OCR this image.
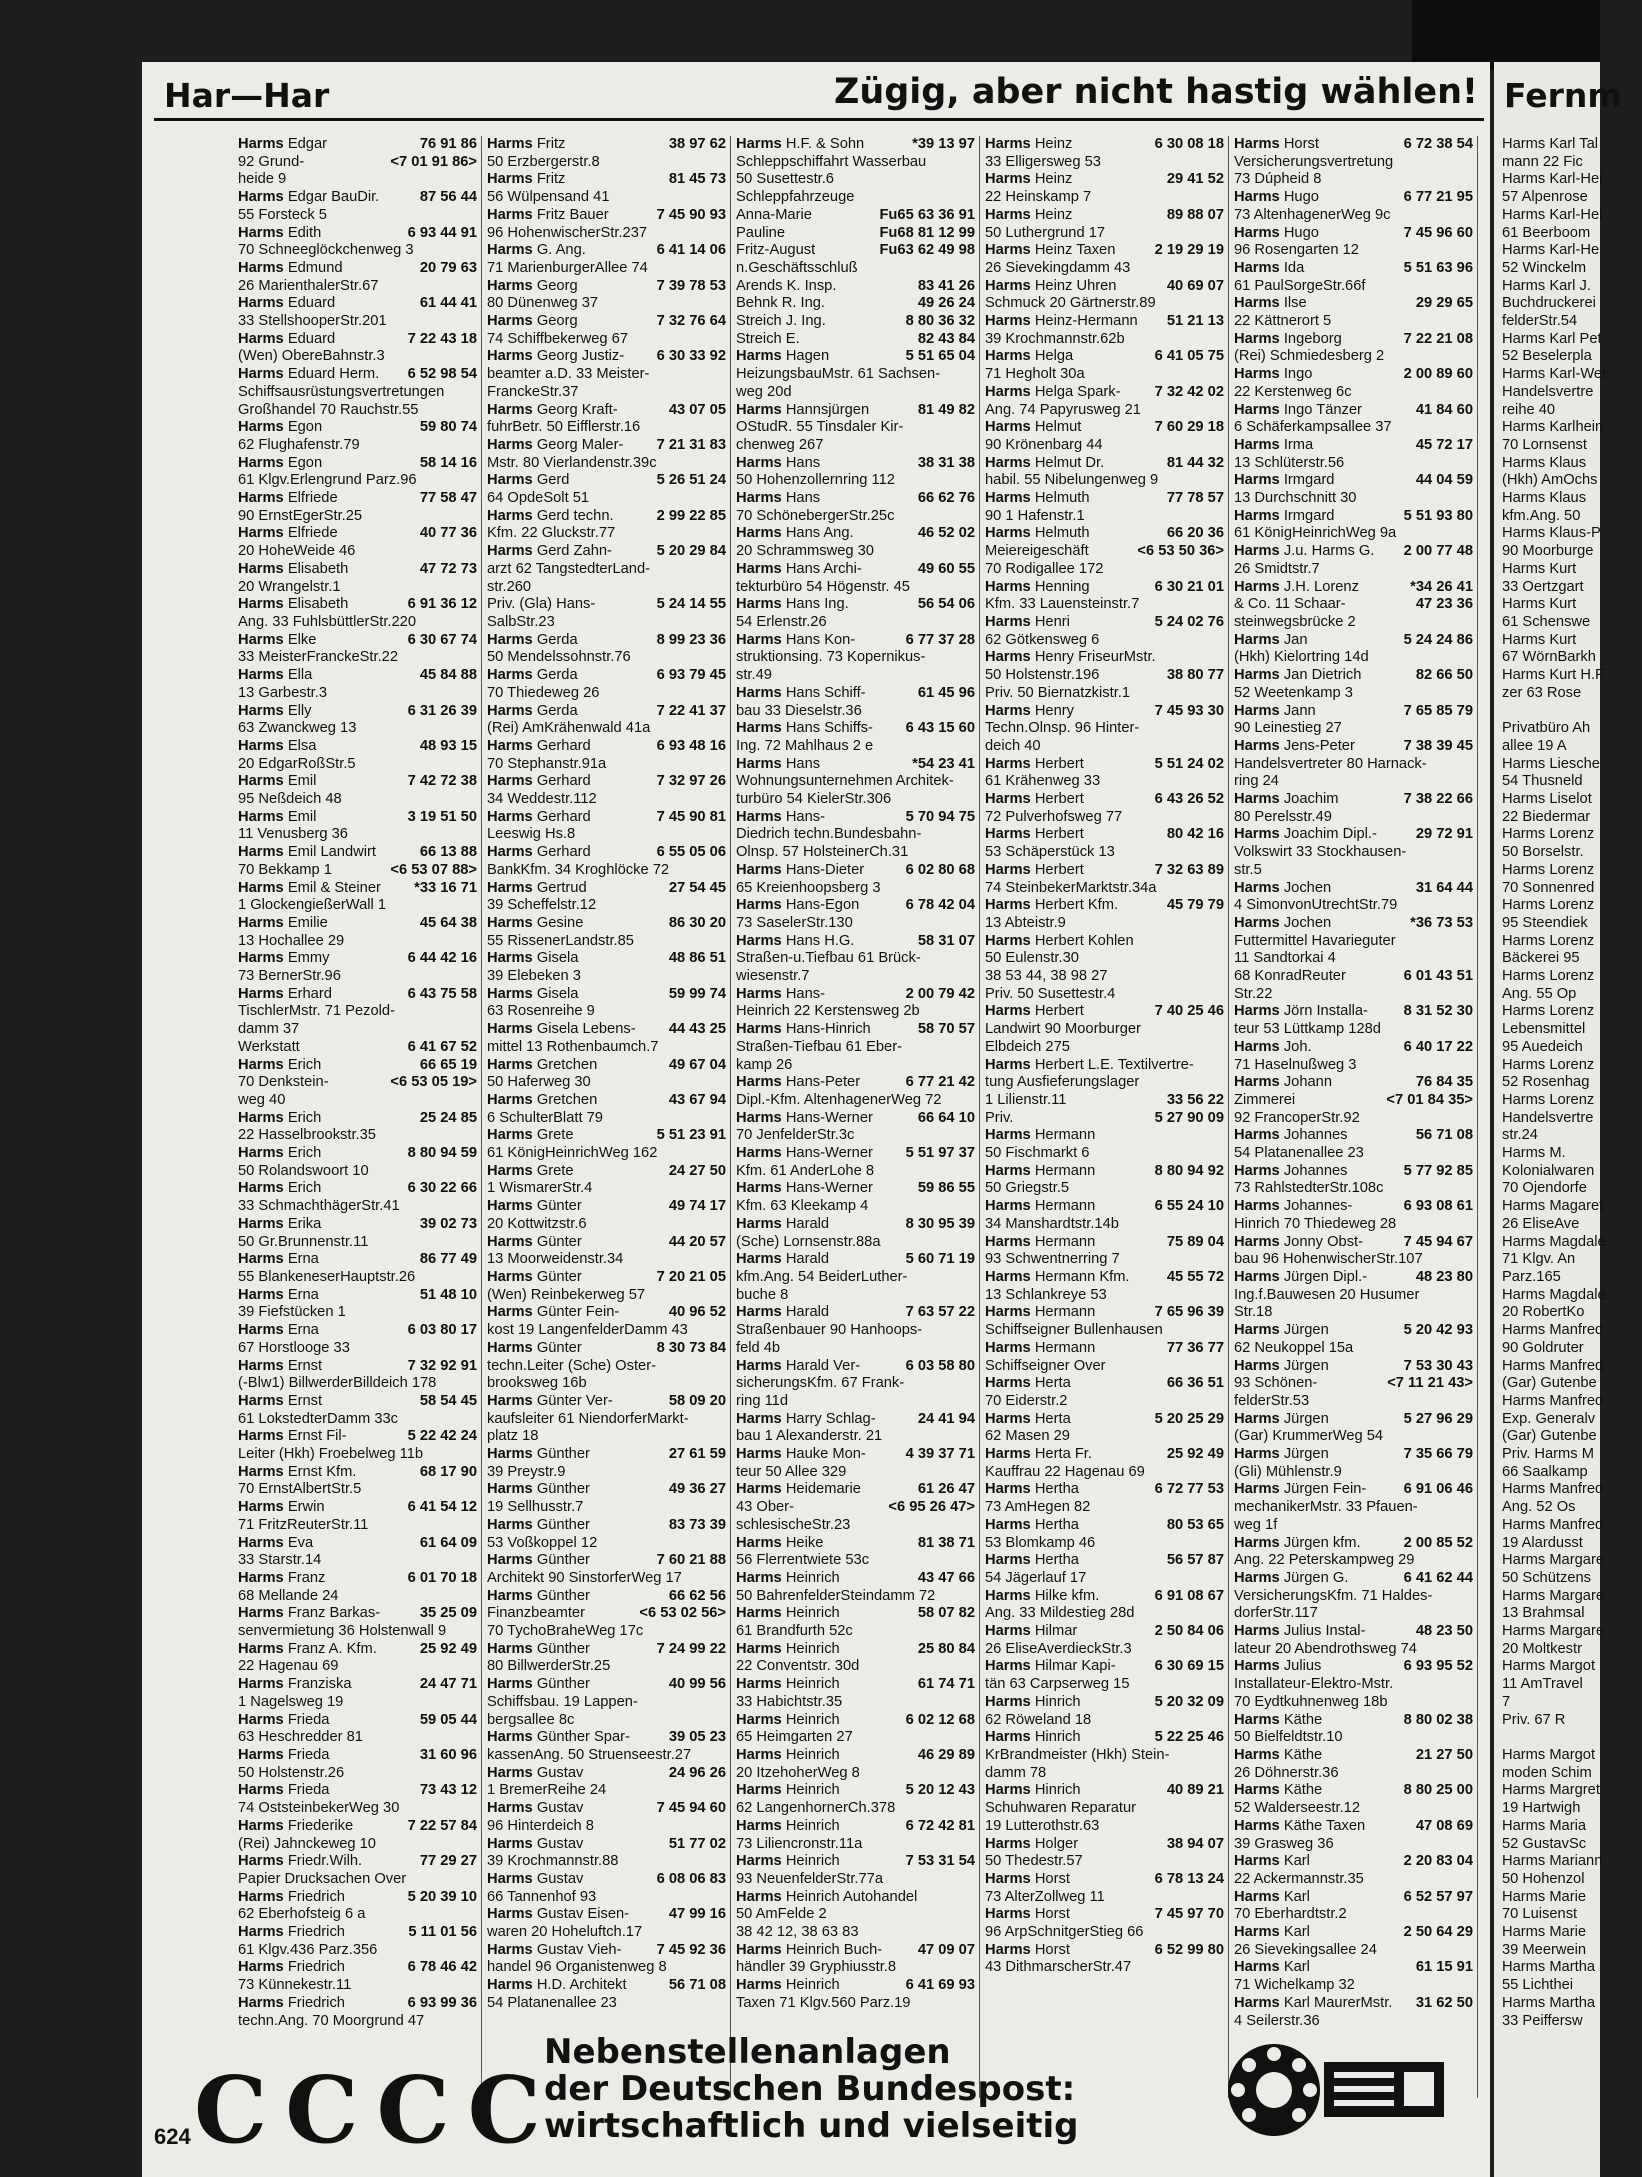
Har—Har	Zügig, aber nicht hastig wählen!
Harms Edgar	76 91 86
92 Grund-	<7 01 91 86>
heide 9
Harms Edgar BauDir.	87 56 44
55 Forsteck 5
Harms Edith	6 93 44 91
70 Schneeglöckchenweg 3
Harms Edmund	20 79 63
26 MarienthalerStr.67
Harms Eduard	61 44 41
33 StellshooperStr.201
Harms Eduard	7 22 43 18
(Wen) ObereBahnstr.3
Harms Eduard Herm. 6 52 98 54
Schiffsausrüstungsvertretungen
Großhandel 70 Rauchstr.55
Harms Egon	59 80 74
62 Flughafenstr.79
Harms Egon	58 14 16
61 Klgv.Erlengrund Parz.96
Harms Elfriede	77 58 47
90 ErnstEgerStr.25
Harms Elfriede	40 77 36
20 HoheWeide 46
Harms Elisabeth	47 72 73
20 Wrangelstr.1
Harms Elisabeth	6 91 36 12
Ang. 33 FuhlsbüttlerStr.220
Harms Elke	6 30 67 74
33 MeisterFranckeStr.22
Harms Ella	45 84 88
13 Garbestr.3
Harms Elly	6 31 26 39
63 Zwanckweg 13
Harms Elsa	48 93 15
20 EdgarRoßStr.5
Harms Emil	7 42 72 38
95 Neßdeich 48
Harms Emil	3 19 51 50
11 Venusberg 36
Harms Emil Landwirt	66 13 88
70 Bekkamp 1	<6 53 07 88>
Harms Emil & Steiner *33 16 71
1 GlockengießerWall 1
Harms Emilie	45 64 38
13 Hochallee 29
Harms Emmy	6 44 42 16
73 BernerStr.96
Harms Erhard	6 43 75 58
TischlerMstr. 71 Pezold-
damm 37
Werkstatt	6 41 67 52
Harms Erich	66 65 19
70 Denkstein-	<6 53 05 19>
weg 40
Harms Erich	25 24 85
22 Hasselbrookstr.35
Harms Erich	8 80 94 59
50 Rolandswoort 10
Harms Erich	6 30 22 66
33 SchmachthägerStr.41
Harms Erika	39 02 73
50 Gr.Brunnenstr.11
Harms Erna	86 77 49
55 BlankeneserHauptstr.26
Harms Erna	51 48 10
39 Fiefstücken 1
Harms Erna	6 03 80 17
67 Horstlooge 33
Harms Ernst	7 32 92 91
(-Blw1) BillwerderBilldeich 178
Harms Ernst	58 54 45
61 LokstedterDamm 33c
Harms Ernst Fil-	5 22 42 24
Leiter (Hkh) Froebelweg 11b
Harms Ernst Kfm.	68 17 90
70 ErnstAlbertStr.5
Harms Erwin	6 41 54 12
71 FritzReuterStr.11
Harms Eva	61 64 09
33 Starstr.14
Harms Franz	6 01 70 18
68 Mellande 24
Harms Franz Barkas-	35 25 09
senvermietung 36 Holstenwall 9
Harms Franz A. Kfm.	25 92 49
22 Hagenau 69
Harms Franziska	24 47 71
1 Nagelsweg 19
Harms Frieda	59 05 44
63 Heschredder 81
Harms Frieda	31 60 96
50 Holstenstr.26
Harms Frieda	73 43 12
74 OststeinbekerWeg 30
Harms Friederike	7 22 57 84
(Rei) Jahnckeweg 10
Harms Friedr.Wilh.	77 29 27
Papier Drucksachen Over
Harms Friedrich	5 20 39 10
62 Eberhofsteig 6 a
Harms Friedrich	5 11 01 56
61 Klgv.436 Parz.356
Harms Friedrich	6 78 46 42
73 Künnekestr.11
Harms Friedrich	6 93 99 36
techn.Ang. 70 Moorgrund 47
Harms Fritz	38 97 62
50 Erzbergerstr.8
Harms Fritz	81 45 73
56 Wülpensand 41
Harms Fritz Bauer	7 45 90 93
96 HohenwischerStr.237
Harms G. Ang.	6 41 14 06
71 MarienburgerAllee 74
Harms Georg	7 39 78 53
80 Dünenweg 37
Harms Georg	7 32 76 64
74 Schiffbekerweg 67
Harms Georg Justiz- 6 30 33 92
beamter a.D. 33 Meister-
FranckeStr.37
Harms Georg Kraft-	43 07 05
fuhrBetr. 50 Eifflerstr.16
Harms Georg Maler- 7 21 31 83
Mstr. 80 Vierlandenstr.39c
Harms Gerd	5 26 51 24
64 OpdeSolt 51
Harms Gerd techn.	2 99 22 85
Kfm. 22 Gluckstr.77
Harms Gerd Zahn-	5 20 29 84
arzt 62 TangstedterLand-
str.260
Priv. (Gla) Hans-	5 24 14 55
SalbStr.23
Harms Gerda	8 99 23 36
50 Mendelssohnstr.76
Harms Gerda	6 93 79 45
70 Thiedeweg 26
Harms Gerda	7 22 41 37
(Rei) AmKrähenwald 41a
Harms Gerhard	6 93 48 16
70 Stephanstr.91a
Harms Gerhard	7 32 97 26
34 Weddestr.112
Harms Gerhard	7 45 90 81
Leeswig Hs.8
Harms Gerhard	6 55 05 06
BankKfm. 34 Kroghlöcke 72
Harms Gertrud	27 54 45
39 Scheffelstr.12
Harms Gesine	86 30 20
55 RissenerLandstr.85
Harms Gisela	48 86 51
39 Elebeken 3
Harms Gisela	59 99 74
63 Rosenreihe 9
Harms Gisela Lebens- 44 43 25
mittel 13 Rothenbaumch.7
Harms Gretchen	49 67 04
50 Haferweg 30
Harms Gretchen	43 67 94
6 SchulterBlatt 79
Harms Grete	5 51 23 91
61 KönigHeinrichWeg 162
Harms Grete	24 27 50
1 WismarerStr.4
Harms Günter	49 74 17
20 Kottwitzstr.6
Harms Günter	44 20 57
13 Moorweidenstr.34
Harms Günter	7 20 21 05
(Wen) Reinbekerweg 57
Harms Günter Fein-	40 96 52
kost 19 LangenfelderDamm 43
Harms Günter	8 30 73 84
techn.Leiter (Sche) Oster-
brooksweg 16b
Harms Günter Ver-	58 09 20
kaufsleiter 61 NiendorferMarkt-
platz 18
Harms Günther	27 61 59
39 Preystr.9
Harms Günther	49 36 27
19 Sellhusstr.7
Harms Günther	83 73 39
53 Voßkoppel 12
Harms Günther	7 60 21 88
Architekt 90 SinstorferWeg 17
Harms Günther	66 62 56
Finanzbeamter	<6 53 02 56>
70 TychoBraheWeg 17c
Harms Günther	7 24 99 22
80 BillwerderStr.25
Harms Günther	40 99 56
Schiffsbau. 19 Lappen-
bergsallee 8c
Harms Günther Spar-	39 05 23
kassenAng. 50 Struenseestr.27
Harms Gustav	24 96 26
1 BremerReihe 24
Harms Gustav	7 45 94 60
96 Hinterdeich 8
Harms Gustav	51 77 02
39 Krochmannstr.88
Harms Gustav	6 08 06 83
66 Tannenhof 93
Harms Gustav Eisen-	47 99 16
waren 20 Hoheluftch.17
Harms Gustav Vieh- 7 45 92 36
handel 96 Organistenweg 8
Harms H.D. Architekt	56 71 08
54 Platanenallee 23
Harms H.F. & Sohn	*39 13 97
Schleppschiffahrt Wasserbau
50 Susettestr.6
Schleppfahrzeuge
Anna-Marie	Fu65 63 36 91
Pauline	Fu68 81 12 99
Fritz-August	Fu63 62 49 98
n.Geschäftsschluß
Arends K. Insp.	83 41 26
Behnk R. Ing.	49 26 24
Streich J. Ing.	8 80 36 32
Streich E.	82 43 84
Harms Hagen	5 51 65 04
HeizungsbauMstr. 61 Sachsen-
weg 20d
Harms Hannsjürgen	81 49 82
OStudR. 55 Tinsdaler Kir-
chenweg 267
Harms Hans	38 31 38
50 Hohenzollernring 112
Harms Hans	66 62 76
70 SchönebergerStr.25c
Harms Hans Ang.	46 52 02
20 Schrammsweg 30
Harms Hans Archi-	49 60 55
tekturbüro 54 Högenstr. 45
Harms Hans Ing.	56 54 06
54 Erlenstr.26
Harms Hans Kon-	6 77 37 28
struktionsing. 73 Kopernikus-
str.49
Harms Hans Schiff-	61 45 96
bau 33 Dieselstr.36
Harms Hans Schiffs- 6 43 15 60
Ing. 72 Mahlhaus 2 e
Harms Hans	*54 23 41
Wohnungsunternehmen Architek-
turbüro 54 KielerStr.306
Harms Hans-	5 70 94 75
Diedrich techn.Bundesbahn-
Olnsp. 57 HolsteinerCh.31
Harms Hans-Dieter	6 02 80 68
65 Kreienhoopsberg 3
Harms Hans-Egon	6 78 42 04
73 SaselerStr.130
Harms Hans H.G.	58 31 07
Straßen-u.Tiefbau 61 Brück-
wiesenstr.7
Harms Hans-	2 00 79 42
Heinrich 22 Kerstensweg 2b
Harms Hans-Hinrich	58 70 57
Straßen-Tiefbau 61 Eber-
kamp 26
Harms Hans-Peter	6 77 21 42
Dipl.-Kfm. AltenhagenerWeg 72
Harms Hans-Werner	66 64 10
70 JenfelderStr.3c
Harms Hans-Werner 5 51 97 37
Kfm. 61 AnderLohe 8
Harms Hans-Werner	59 86 55
Kfm. 63 Kleekamp 4
Harms Harald	8 30 95 39
(Sche) Lornsenstr.88a
Harms Harald	5 60 71 19
kfm.Ang. 54 BeiderLuther-
buche 8
Harms Harald	7 63 57 22
Straßenbauer 90 Hanhoops-
feld 4b
Harms Harald Ver-	6 03 58 80
sicherungsKfm. 67 Frank-
ring 11d
Harms Harry Schlag-	24 41 94
bau 1 Alexanderstr. 21
Harms Hauke Mon-	4 39 37 71
teur 50 Allee 329
Harms Heidemarie	61 26 47
43 Ober-	<6 95 26 47>
schlesischeStr.23
Harms Heike	81 38 71
56 Flerrentwiete 53c
Harms Heinrich	43 47 66
50 BahrenfelderSteindamm 72
Harms Heinrich	58 07 82
61 Brandfurth 52c
Harms Heinrich	25 80 84
22 Conventstr. 30d
Harms Heinrich	61 74 71
33 Habichtstr.35
Harms Heinrich	6 02 12 68
65 Heimgarten 27
Harms Heinrich	46 29 89
20 ItzehoherWeg 8
Harms Heinrich	5 20 12 43
62 LangenhornerCh.378
Harms Heinrich	6 72 42 81
73 Liliencronstr.11a
Harms Heinrich	7 53 31 54
93 NeuenfelderStr.77a
Harms Heinrich Autohandel
50 AmFelde 2
38 42 12, 38 63 83
Harms Heinrich Buch- 47 09 07
händler 39 Gryphiusstr.8
Harms Heinrich	6 41 69 93
Taxen 71 Klgv.560 Parz.19
Harms Heinz	6 30 08 18
33 Elligersweg 53
Harms Heinz	29 41 52
22 Heinskamp 7
Harms Heinz	89 88 07
50 Luthergrund 17
Harms Heinz Taxen	2 19 29 19
26 Sievekingdamm 43
Harms Heinz Uhren	40 69 07
Schmuck 20 Gärtnerstr.89
Harms Heinz-Hermann 51 21 13
39 Krochmannstr.62b
Harms Helga	6 41 05 75
71 Hegholt 30a
Harms Helga Spark- 7 32 42 02
Ang. 74 Papyrusweg 21
Harms Helmut	7 60 29 18
90 Krönenbarg 44
Harms Helmut Dr.	81 44 32
habil. 55 Nibelungenweg 9
Harms Helmuth	77 78 57
90 1 Hafenstr.1
Harms Helmuth	66 20 36
Meiereigeschäft	<6 53 50 36>
70 Rodigallee 172
Harms Henning	6 30 21 01
Kfm. 33 Lauensteinstr.7
Harms Henri	5 24 02 76
62 Götkensweg 6
Harms Henry FriseurMstr.
50 Holstenstr.196	38 80 77
Priv. 50 Biernatzkistr.1
Harms Henry	7 45 93 30
Techn.Olnsp. 96 Hinter-
deich 40
Harms Herbert	5 51 24 02
61 Krähenweg 33
Harms Herbert	6 43 26 52
72 Pulverhofsweg 77
Harms Herbert	80 42 16
53 Schäperstück 13
Harms Herbert	7 32 63 89
74 SteinbekerMarktstr.34a
Harms Herbert Kfm.	45 79 79
13 Abteistr.9
Harms Herbert Kohlen
50 Eulenstr.30
38 53 44, 38 98 27
Priv. 50 Susettestr.4
Harms Herbert	7 40 25 46
Landwirt 90 Moorburger
Elbdeich 275
Harms Herbert L.E. Textilvertre-
tung Ausfieferungslager
1 Lilienstr.11	33 56 22
Priv.	5 27 90 09
Harms Hermann
50 Fischmarkt 6
Harms Hermann	8 80 94 92
50 Griegstr.5
Harms Hermann	6 55 24 10
34 Manshardtstr.14b
Harms Hermann	75 89 04
93 Schwentnerring 7
Harms Hermann Kfm.	45 55 72
13 Schlankreye 53
Harms Hermann	7 65 96 39
Schiffseigner Bullenhausen
Harms Hermann	77 36 77
Schiffseigner Over
Harms Herta	66 36 51
70 Eiderstr.2
Harms Herta	5 20 25 29
62 Masen 29
Harms Herta Fr.	25 92 49
Kauffrau 22 Hagenau 69
Harms Hertha	6 72 77 53
73 AmHegen 82
Harms Hertha	80 53 65
53 Blomkamp 46
Harms Hertha	56 57 87
54 Jägerlauf 17
Harms Hilke kfm.	6 91 08 67
Ang. 33 Mildestieg 28d
Harms Hilmar	2 50 84 06
26 EliseAverdieckStr.3
Harms Hilmar Kapi-	6 30 69 15
tän 63 Carpserweg 15
Harms Hinrich	5 20 32 09
62 Röweland 18
Harms Hinrich	5 22 25 46
KrBrandmeister (Hkh) Stein-
damm 78
Harms Hinrich	40 89 21
Schuhwaren Reparatur
19 Lutterothstr.63
Harms Holger	38 94 07
50 Thedestr.57
Harms Horst	6 78 13 24
73 AlterZollweg 11
Harms Horst	7 45 97 70
96 ArpSchnitgerStieg 66
Harms Horst	6 52 99 80
43 DithmarscherStr.47
Harms Horst	6 72 38 54
Versicherungsvertretung
73 Dúpheid 8
Harms Hugo	6 77 21 95
73 AltenhagenerWeg 9c
Harms Hugo	7 45 96 60
96 Rosengarten 12
Harms Ida	5 51 63 96
61 PaulSorgeStr.66f
Harms Ilse	29 29 65
22 Kättnerort 5
Harms Ingeborg	7 22 21 08
(Rei) Schmiedesberg 2
Harms Ingo	2 00 89 60
22 Kerstenweg 6c
Harms Ingo Tänzer	41 84 60
6 Schäferkampsallee 37
Harms Irma	45 72 17
13 Schlüterstr.56
Harms Irmgard	44 04 59
13 Durchschnitt 30
Harms Irmgard	5 51 93 80
61 KönigHeinrichWeg 9a
Harms J.u. Harms G. 2 00 77 48
26 Smidtstr.7
Harms J.H. Lorenz	*34 26 41
& Co. 11 Schaar-	47 23 36
steinwegsbrücke 2
Harms Jan	5 24 24 86
(Hkh) Kielortring 14d
Harms Jan Dietrich	82 66 50
52 Weetenkamp 3
Harms Jann	7 65 85 79
90 Leinestieg 27
Harms Jens-Peter	7 38 39 45
Handelsvertreter 80 Harnack-
ring 24
Harms Joachim	7 38 22 66
80 Perelsstr.49
Harms Joachim Dipl.-	29 72 91
Volkswirt 33 Stockhausen-
str.5
Harms Jochen	31 64 44
4 SimonvonUtrechtStr.79
Harms Jochen	*36 73 53
Futtermittel Havarieguter
11 Sandtorkai 4
68 KonradReuter	6 01 43 51
Str.22
Harms Jörn Installa- 8 31 52 30
teur 53 Lüttkamp 128d
Harms Joh.	6 40 17 22
71 Haselnußweg 3
Harms Johann	76 84 35
Zimmerei	<7 01 84 35>
92 FrancoperStr.92
Harms Johannes	56 71 08
54 Platanenallee 23
Harms Johannes	5 77 92 85
73 RahlstedterStr.108c
Harms Johannes-	6 93 08 61
Hinrich 70 Thiedeweg 28
Harms Jonny Obst-	7 45 94 67
bau 96 HohenwischerStr.107
Harms Jürgen Dipl.-	48 23 80
Ing.f.Bauwesen 20 Husumer
Str.18
Harms Jürgen	5 20 42 93
62 Neukoppel 15a
Harms Jürgen	7 53 30 43
93 Schönen-	<7 11 21 43>
felderStr.53
Harms Jürgen	5 27 96 29
(Gar) KrummerWeg 54
Harms Jürgen	7 35 66 79
(Gli) Mühlenstr.9
Harms Jürgen Fein-	6 91 06 46
mechanikerMstr. 33 Pfauen-
weg 1f
Harms Jürgen kfm.	2 00 85 52
Ang. 22 Peterskampweg 29
Harms Jürgen G.	6 41 62 44
VersicherungsKfm. 71 Haldes-
dorferStr.117
Harms Julius Instal-	48 23 50
lateur 20 Abendrothsweg 74
Harms Julius	6 93 95 52
Installateur-Elektro-Mstr.
70 Eydtkuhnenweg 18b
Harms Käthe	8 80 02 38
50 Bielfeldtstr.10
Harms Käthe	21 27 50
26 Döhnerstr.36
Harms Käthe	8 80 25 00
52 Walderseestr.12
Harms Käthe Taxen	47 08 69
39 Grasweg 36
Harms Karl	2 20 83 04
22 Ackermannstr.35
Harms Karl	6 52 57 97
70 Eberhardtstr.2
Harms Karl	2 50 64 29
26 Sievekingsallee 24
Harms Karl	61 15 91
71 Wichelkamp 32
Harms Karl MaurerMstr. 31 62 50
4 Seilerstr.36
624 CCCC
Nebenstellenanlagen
der Deutschen Bundespost:
wirtschaftlich und vielseitig
Fernm
Harms Karl Tal
mann 22 Fic
Harms Karl-Hei
57 Alpenrose
Harms Karl-Hei
61 Beerboom
Harms Karl-He
52 Winckelm
Harms Karl J.
Buchdruckerei
felderStr.54
Harms Karl Pet
52 Beselerpla
Harms Karl-Wer
Handelsvertre
reihe 40
Harms Karlhein
70 Lornsenst
Harms Klaus
(Hkh) AmOchs
Harms Klaus
kfm.Ang. 50
Harms Klaus-P
90 Moorburge
Harms Kurt
33 Oertzgart
Harms Kurt
61 Schenswe
Harms Kurt
67 WörnBarkh
Harms Kurt H.F
zer 63 Rose

Privatbüro Ah
allee 19 A
Harms Liesche
54 Thusneld
Harms Liselot
22 Biedermar
Harms Lorenz
50 Borselstr.
Harms Lorenz
70 Sonnenred
Harms Lorenz
95 Steendiek
Harms Lorenz
Bäckerei 95
Harms Lorenz
Ang. 55 Op
Harms Lorenz
Lebensmittel
95 Auedeich
Harms Lorenz
52 Rosenhag
Harms Lorenz
Handelsvertre
str.24
Harms M.
Kolonialwaren
70 Ojendorfe
Harms Magaret
26 EliseAve
Harms Magdale
71 Klgv. An
Parz.165
Harms Magdale
20 RobertKo
Harms Manfred
90 Goldruter
Harms Manfred
(Gar) Gutenbe
Harms Manfred
Exp. Generalv
(Gar) Gutenbe
Priv. Harms M
66 Saalkamp
Harms Manfred
Ang. 52 Os
Harms Manfred
19 Alardusst
Harms Margare
50 Schützens
Harms Margare
13 Brahmsal
Harms Margare
20 Moltkestr
Harms Margot
11 AmTravel
7
Priv. 67 R

Harms Margot
moden Schim
Harms Margret
19 Hartwigh
Harms Maria
52 GustavSc
Harms Mariann
50 Hohenzol
Harms Marie
70 Luisenst
Harms Marie
39 Meerwein
Harms Martha
55 Lichthei
Harms Martha
33 Peiffersw
